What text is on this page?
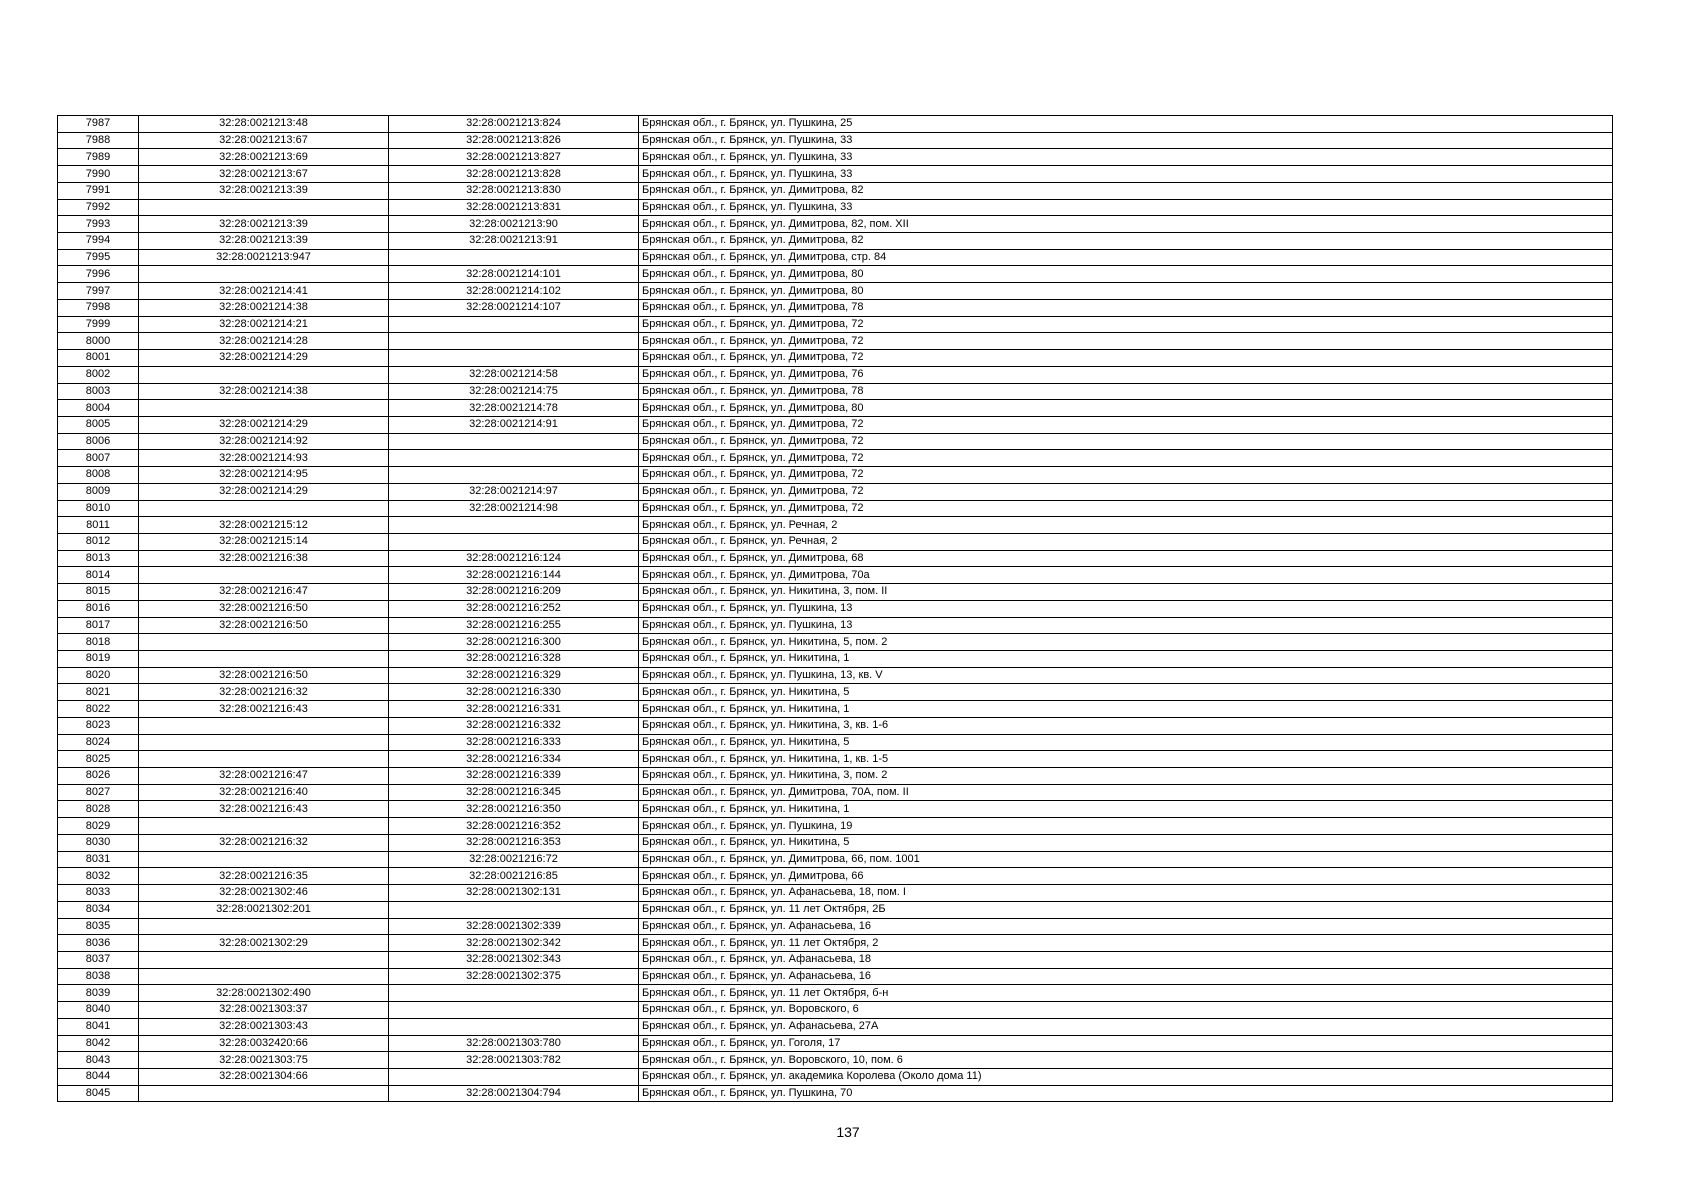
7987	32:28:0021213:48	32:28:0021213:824	Брянская обл., г. Брянск, ул. Пушкина, 25
7988	32:28:0021213:67	32:28:0021213:826	Брянская обл., г. Брянск, ул. Пушкина, 33
7989	32:28:0021213:69	32:28:0021213:827	Брянская обл., г. Брянск, ул. Пушкина, 33
7990	32:28:0021213:67	32:28:0021213:828	Брянская обл., г. Брянск, ул. Пушкина, 33
7991	32:28:0021213:39	32:28:0021213:830	Брянская обл., г. Брянск, ул. Димитрова, 82
7992		32:28:0021213:831	Брянская обл., г. Брянск, ул. Пушкина, 33
7993	32:28:0021213:39	32:28:0021213:90	Брянская обл., г. Брянск, ул. Димитрова, 82, пом. XII
7994	32:28:0021213:39	32:28:0021213:91	Брянская обл., г. Брянск, ул. Димитрова, 82
7995	32:28:0021213:947		Брянская обл., г. Брянск, ул. Димитрова, стр. 84
7996		32:28:0021214:101	Брянская обл., г. Брянск, ул. Димитрова, 80
7997	32:28:0021214:41	32:28:0021214:102	Брянская обл., г. Брянск, ул. Димитрова, 80
7998	32:28:0021214:38	32:28:0021214:107	Брянская обл., г. Брянск, ул. Димитрова, 78
7999	32:28:0021214:21		Брянская обл., г. Брянск, ул. Димитрова, 72
8000	32:28:0021214:28		Брянская обл., г. Брянск, ул. Димитрова, 72
8001	32:28:0021214:29		Брянская обл., г. Брянск, ул. Димитрова, 72
8002		32:28:0021214:58	Брянская обл., г. Брянск, ул. Димитрова, 76
8003	32:28:0021214:38	32:28:0021214:75	Брянская обл., г. Брянск, ул. Димитрова, 78
8004		32:28:0021214:78	Брянская обл., г. Брянск, ул. Димитрова, 80
8005	32:28:0021214:29	32:28:0021214:91	Брянская обл., г. Брянск, ул. Димитрова, 72
8006	32:28:0021214:92		Брянская обл., г. Брянск, ул. Димитрова, 72
8007	32:28:0021214:93		Брянская обл., г. Брянск, ул. Димитрова, 72
8008	32:28:0021214:95		Брянская обл., г. Брянск, ул. Димитрова, 72
8009	32:28:0021214:29	32:28:0021214:97	Брянская обл., г. Брянск, ул. Димитрова, 72
8010		32:28:0021214:98	Брянская обл., г. Брянск, ул. Димитрова, 72
8011	32:28:0021215:12		Брянская обл., г. Брянск, ул. Речная, 2
8012	32:28:0021215:14		Брянская обл., г. Брянск, ул. Речная, 2
8013	32:28:0021216:38	32:28:0021216:124	Брянская обл., г. Брянск, ул. Димитрова, 68
8014		32:28:0021216:144	Брянская обл., г. Брянск, ул. Димитрова, 70а
8015	32:28:0021216:47	32:28:0021216:209	Брянская обл., г. Брянск, ул. Никитина, 3, пом. II
8016	32:28:0021216:50	32:28:0021216:252	Брянская обл., г. Брянск, ул. Пушкина, 13
8017	32:28:0021216:50	32:28:0021216:255	Брянская обл., г. Брянск, ул. Пушкина, 13
8018		32:28:0021216:300	Брянская обл., г. Брянск, ул. Никитина, 5, пом. 2
8019		32:28:0021216:328	Брянская обл., г. Брянск, ул. Никитина, 1
8020	32:28:0021216:50	32:28:0021216:329	Брянская обл., г. Брянск, ул. Пушкина, 13, кв. V
8021	32:28:0021216:32	32:28:0021216:330	Брянская обл., г. Брянск, ул. Никитина, 5
8022	32:28:0021216:43	32:28:0021216:331	Брянская обл., г. Брянск, ул. Никитина, 1
8023		32:28:0021216:332	Брянская обл., г. Брянск, ул. Никитина, 3, кв. 1-6
8024		32:28:0021216:333	Брянская обл., г. Брянск, ул. Никитина, 5
8025		32:28:0021216:334	Брянская обл., г. Брянск, ул. Никитина, 1, кв. 1-5
8026	32:28:0021216:47	32:28:0021216:339	Брянская обл., г. Брянск, ул. Никитина, 3, пом. 2
8027	32:28:0021216:40	32:28:0021216:345	Брянская обл., г. Брянск, ул. Димитрова, 70А, пом. II
8028	32:28:0021216:43	32:28:0021216:350	Брянская обл., г. Брянск, ул. Никитина, 1
8029		32:28:0021216:352	Брянская обл., г. Брянск, ул. Пушкина, 19
8030	32:28:0021216:32	32:28:0021216:353	Брянская обл., г. Брянск, ул. Никитина, 5
8031		32:28:0021216:72	Брянская обл., г. Брянск, ул. Димитрова, 66, пом. 1001
8032	32:28:0021216:35	32:28:0021216:85	Брянская обл., г. Брянск, ул. Димитрова, 66
8033	32:28:0021302:46	32:28:0021302:131	Брянская обл., г. Брянск, ул. Афанасьева, 18, пом. I
8034	32:28:0021302:201		Брянская обл., г. Брянск, ул. 11 лет Октября, 2Б
8035		32:28:0021302:339	Брянская обл., г. Брянск, ул. Афанасьева, 16
8036	32:28:0021302:29	32:28:0021302:342	Брянская обл., г. Брянск, ул. 11 лет Октября, 2
8037		32:28:0021302:343	Брянская обл., г. Брянск, ул. Афанасьева, 18
8038		32:28:0021302:375	Брянская обл., г. Брянск, ул. Афанасьева, 16
8039	32:28:0021302:490		Брянская обл., г. Брянск, ул. 11 лет Октября, б-н
8040	32:28:0021303:37		Брянская обл., г. Брянск, ул. Воровского, 6
8041	32:28:0021303:43		Брянская обл., г. Брянск, ул. Афанасьева, 27А
8042	32:28:0032420:66	32:28:0021303:780	Брянская обл., г. Брянск, ул. Гоголя, 17
8043	32:28:0021303:75	32:28:0021303:782	Брянская обл., г. Брянск, ул. Воровского, 10, пом. 6
8044	32:28:0021304:66		Брянская обл., г. Брянск, ул. академика Королева (Около дома 11)
8045		32:28:0021304:794	Брянская обл., г. Брянск, ул. Пушкина, 70
137
